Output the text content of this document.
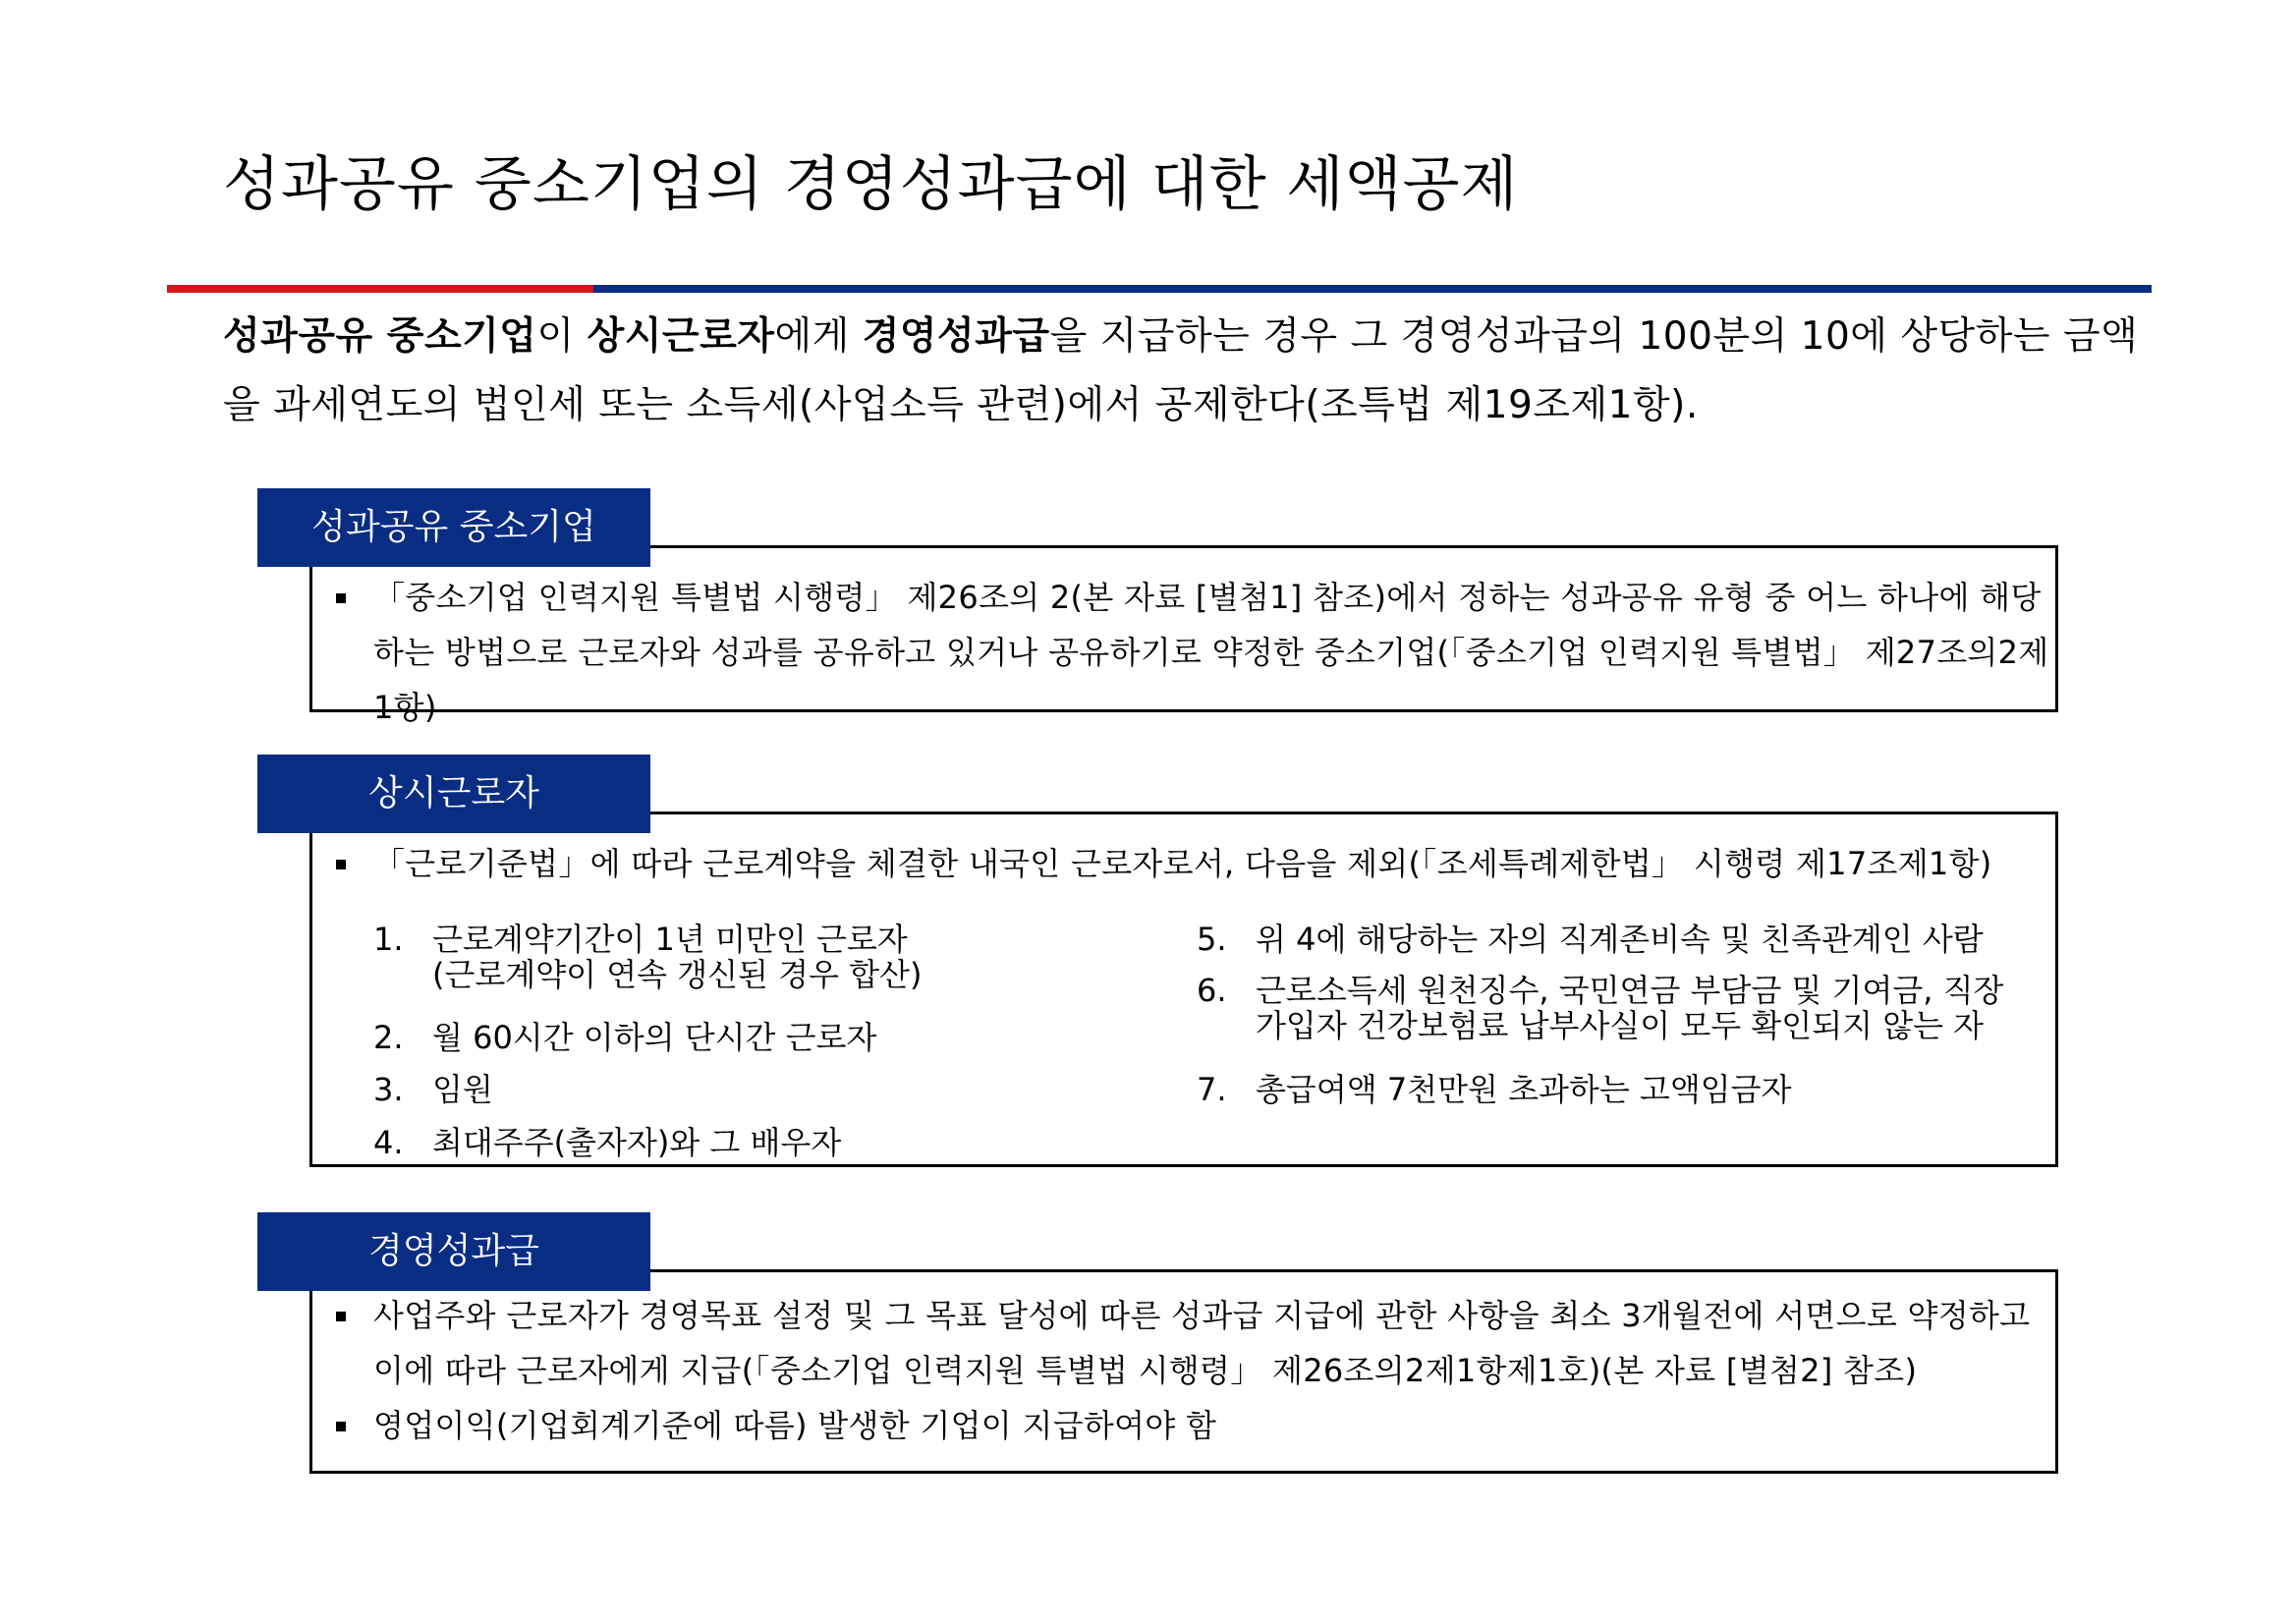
성과공유 중소기업의 경영성과급에 대한 세액공제
성과공유 중소기업이 상시근로자에게 경영성과급을 지급하는 경우 그 경영성과급의 100분의 10에 상당하는 금액을 과세연도의 법인세 또는 소득세(사업소득 관련)에서 공제한다(조특법 제19조제1항).
「중소기업 인력지원 특별법 시행령」 제26조의 2(본 자료 [별첨1] 참조)에서 정하는 성과공유 유형 중 어느 하나에 해당하는 방법으로 근로자와 성과를 공유하고 있거나 공유하기로 약정한 중소기업(「중소기업 인력지원 특별법」 제27조의2제1항)
성과공유 중소기업
「근로기준법」에 따라 근로계약을 체결한 내국인 근로자로서, 다음을 제외(「조세특례제한법」 시행령 제17조제1항)
1. 근로계약기간이 1년 미만인 근로자
(근로계약이 연속 갱신된 경우 합산)
2. 월 60시간 이하의 단시간 근로자
3. 임원
4. 최대주주(출자자)와 그 배우자
5. 위 4에 해당하는 자의 직계존비속 및 친족관계인 사람
6. 근로소득세 원천징수, 국민연금 부담금 및 기여금, 직장
가입자 건강보험료 납부사실이 모두 확인되지 않는 자
7. 총급여액 7천만원 초과하는 고액임금자
상시근로자
사업주와 근로자가 경영목표 설정 및 그 목표 달성에 따른 성과급 지급에 관한 사항을 최소 3개월전에 서면으로 약정하고 이에 따라 근로자에게 지급(「중소기업 인력지원 특별법 시행령」 제26조의2제1항제1호)(본 자료 [별첨2] 참조)
영업이익(기업회계기준에 따름) 발생한 기업이 지급하여야 함
경영성과급
